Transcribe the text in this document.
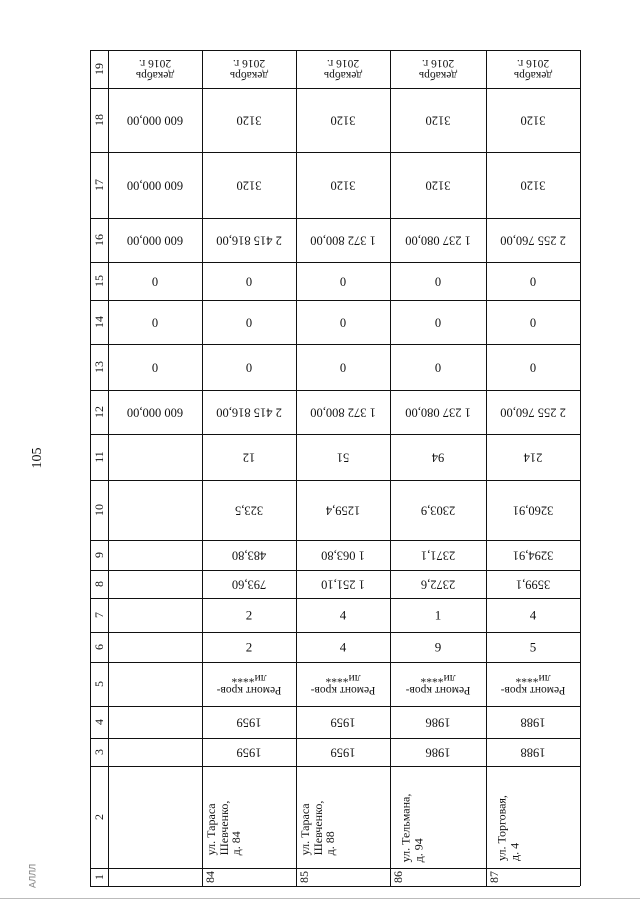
105
АЛЛЛ
19
18
17
16
15
14
13
12
11
10
9
8
7
6
5
4
3
2
1
декабрь
2016 г.
600 000,00
600 000,00
600 000,00
0
0
0
600 000,00
декабрь
2016 г.
3120
3120
2 415 816,00
0
0
0
2 415 816,00
12
323,5
483,80
793,60
2
2
Ремонт кров-
ли****
1959
1959
ул. Тараса
Шевченко,
д. 84
84
декабрь
2016 г.
3120
3120
1 372 800,00
0
0
0
1 372 800,00
51
1259,4
1 063,80
1 251,10
4
4
Ремонт кров-
ли****
1959
1959
ул. Тараса
Шевченко,
д. 88
85
декабрь
2016 г.
3120
3120
1 237 080,00
0
0
0
1 237 080,00
94
2303,9
2371,1
2372,6
1
9
Ремонт кров-
ли****
1986
1986
ул. Тельмана,
д. 94
86
декабрь
2016 г.
3120
3120
2 255 760,00
0
0
0
2 255 760,00
214
3260,91
3294,91
3599,1
4
5
Ремонт кров-
ли****
1988
1988
ул. Торговая,
д. 4
87
